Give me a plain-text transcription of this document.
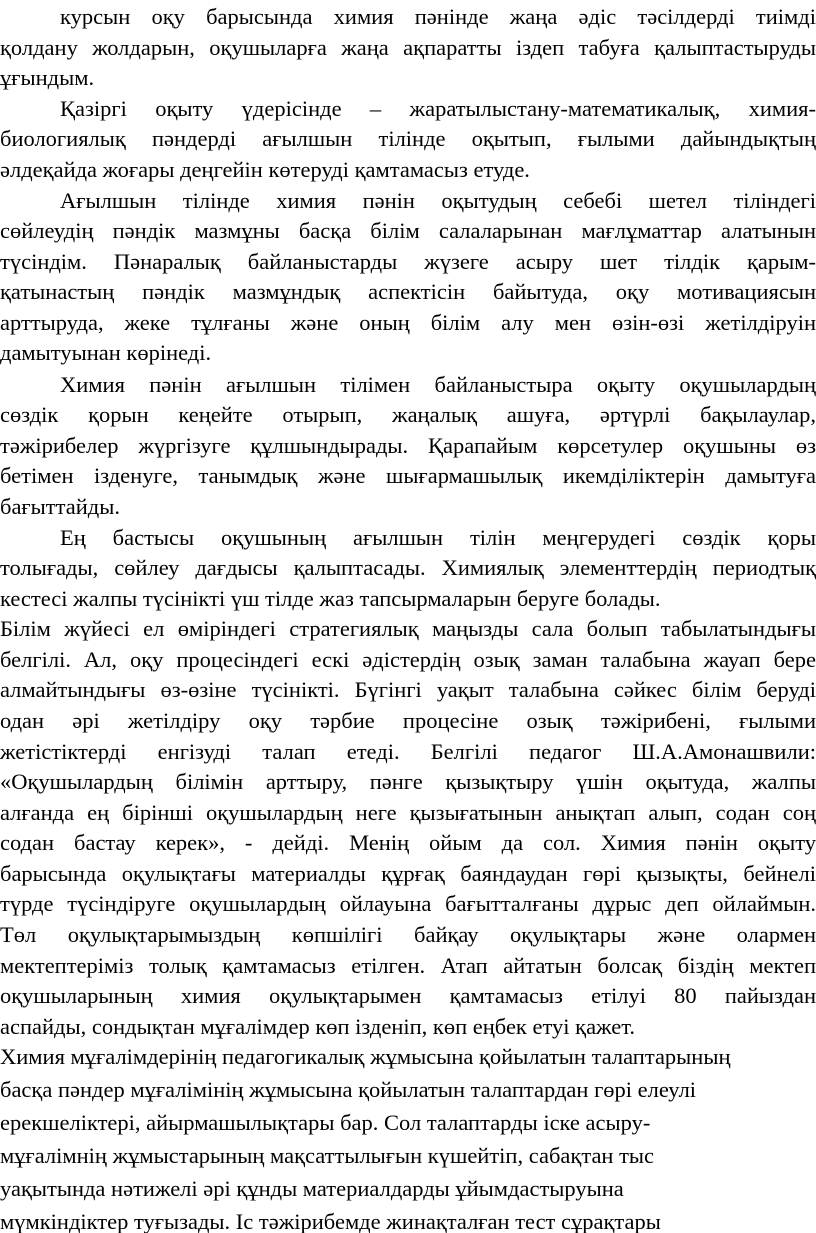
курсын оқу барысында химия пәнінде жаңа әдіс тәсілдерді тиімді
қолдану жолдарын, оқушыларға жаңа ақпаратты іздеп табуға қалыптастыруды
ұғындым.
Қазіргі оқыту үдерісінде – жаратылыстану-математикалық, химия-
биологиялық пәндерді ағылшын тілінде оқытып, ғылыми дайындықтың
әлдеқайда жоғары деңгейін көтеруді қамтамасыз етуде.
Ағылшын тілінде химия пәнін оқытудың себебі шетел тіліндегі
сөйлеудің пәндік мазмұны басқа білім салаларынан мағлұматтар алатынын
түсіндім. Пәнаралық байланыстарды жүзеге асыру шет тілдік қарым-
қатынастың пәндік мазмұндық аспектісін байытуда, оқу мотивациясын
арттыруда, жеке тұлғаны және оның білім алу мен өзін-өзі жетілдіруін
дамытуынан көрінеді.
Химия пәнін ағылшын тілімен байланыстыра оқыту оқушылардың
сөздік қорын кеңейте отырып, жаңалық ашуға, әртүрлі бақылаулар,
тәжірибелер жүргізуге құлшындырады. Қарапайым көрсетулер оқушыны өз
бетімен ізденуге, танымдық және шығармашылық икемділіктерін дамытуға
бағыттайды.
Ең бастысы оқушының ағылшын тілін меңгерудегі сөздік қоры
толығады, сөйлеу дағдысы қалыптасады. Химиялық элементтердің периодтық
кестесі жалпы түсінікті үш тілде жаз тапсырмаларын беруге болады.
Білім жүйесі ел өміріндегі стратегиялық маңызды сала болып табылатындығы
белгілі. Ал, оқу процесіндегі ескі әдістердің озық заман талабына жауап бере
алмайтындығы өз-өзіне түсінікті. Бүгінгі уақыт талабына сәйкес білім беруді
одан әрі жетілдіру оқу тәрбие процесіне озық тәжірибені, ғылыми
жетістіктерді енгізуді талап етеді. Белгілі педагог Ш.А.Амонашвили:
«Оқушылардың білімін арттыру, пәнге қызықтыру үшін оқытуда, жалпы
алғанда ең бірінші оқушылардың неге қызығатынын анықтап алып, содан соң
содан бастау керек», - дейді. Менің ойым да сол. Химия пәнін оқыту
барысында оқулықтағы материалды құрғақ баяндаудан гөрі қызықты, бейнелі
түрде түсіндіруге оқушылардың ойлауына бағытталғаны дұрыс деп ойлаймын.
Төл оқулықтарымыздың көпшілігі байқау оқулықтары және олармен
мектептеріміз толық қамтамасыз етілген. Атап айтатын болсақ біздің мектеп
оқушыларының химия оқулықтарымен қамтамасыз етілуі 80 пайыздан
аспайды, сондықтан мұғалімдер көп ізденіп, көп еңбек етуі қажет.
Химия мұғалімдерінің педагогикалық жұмысына қойылатын талаптарының
басқа пәндер мұғалімінің жұмысына қойылатын талаптардан гөрі елеулі
ерекшеліктері, айырмашылықтары бар. Сол талаптарды іске асыру-
мұғалімнің жұмыстарының мақсаттылығын күшейтіп, сабақтан тыс
уақытында нәтижелі әрі құнды материалдарды ұйымдастыруына
мүмкіндіктер туғызады. Іс тәжірибемде жинақталған тест сұрақтары
